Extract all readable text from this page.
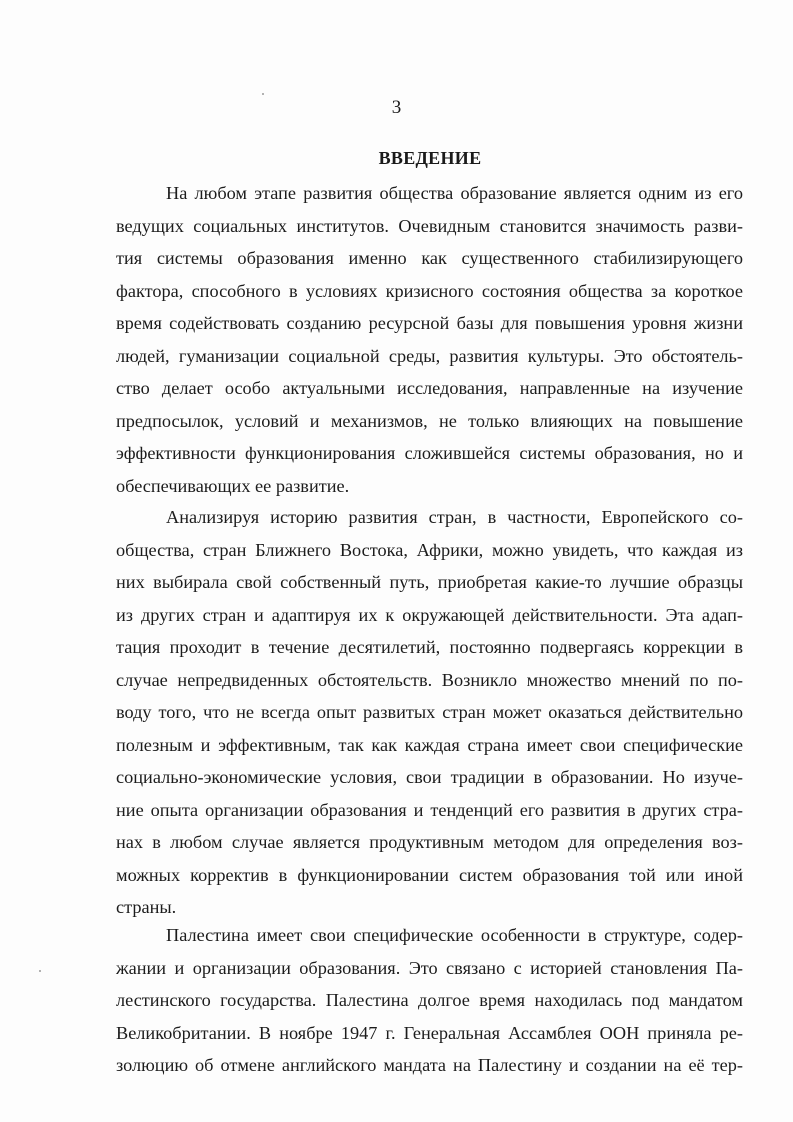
3
ВВЕДЕНИЕ
На любом этапе развития общества образование является одним из его
ведущих социальных институтов. Очевидным становится значимость разви-
тия системы образования именно как существенного стабилизирующего
фактора, способного в условиях кризисного состояния общества за короткое
время содействовать созданию ресурсной базы для повышения уровня жизни
людей, гуманизации социальной среды, развития культуры. Это обстоятель-
ство делает особо актуальными исследования, направленные на изучение
предпосылок, условий и механизмов, не только влияющих на повышение
эффективности функционирования сложившейся системы образования, но и
обеспечивающих ее развитие.
Анализируя историю развития стран, в частности, Европейского со-
общества, стран Ближнего Востока, Африки, можно увидеть, что каждая из
них выбирала свой собственный путь, приобретая какие-то лучшие образцы
из других стран и адаптируя их к окружающей действительности. Эта адап-
тация проходит в течение десятилетий, постоянно подвергаясь коррекции в
случае непредвиденных обстоятельств. Возникло множество мнений по по-
воду того, что не всегда опыт развитых стран может оказаться действительно
полезным и эффективным, так как каждая страна имеет свои специфические
социально-экономические условия, свои традиции в образовании. Но изуче-
ние опыта организации образования и тенденций его развития в других стра-
нах в любом случае является продуктивным методом для определения воз-
можных корректив в функционировании систем образования той или иной
страны.
Палестина имеет свои специфические особенности в структуре, содер-
жании и организации образования. Это связано с историей становления Па-
лестинского государства. Палестина долгое время находилась под мандатом
Великобритании. В ноябре 1947 г. Генеральная Ассамблея ООН приняла ре-
золюцию об отмене английского мандата на Палестину и создании на её тер-
